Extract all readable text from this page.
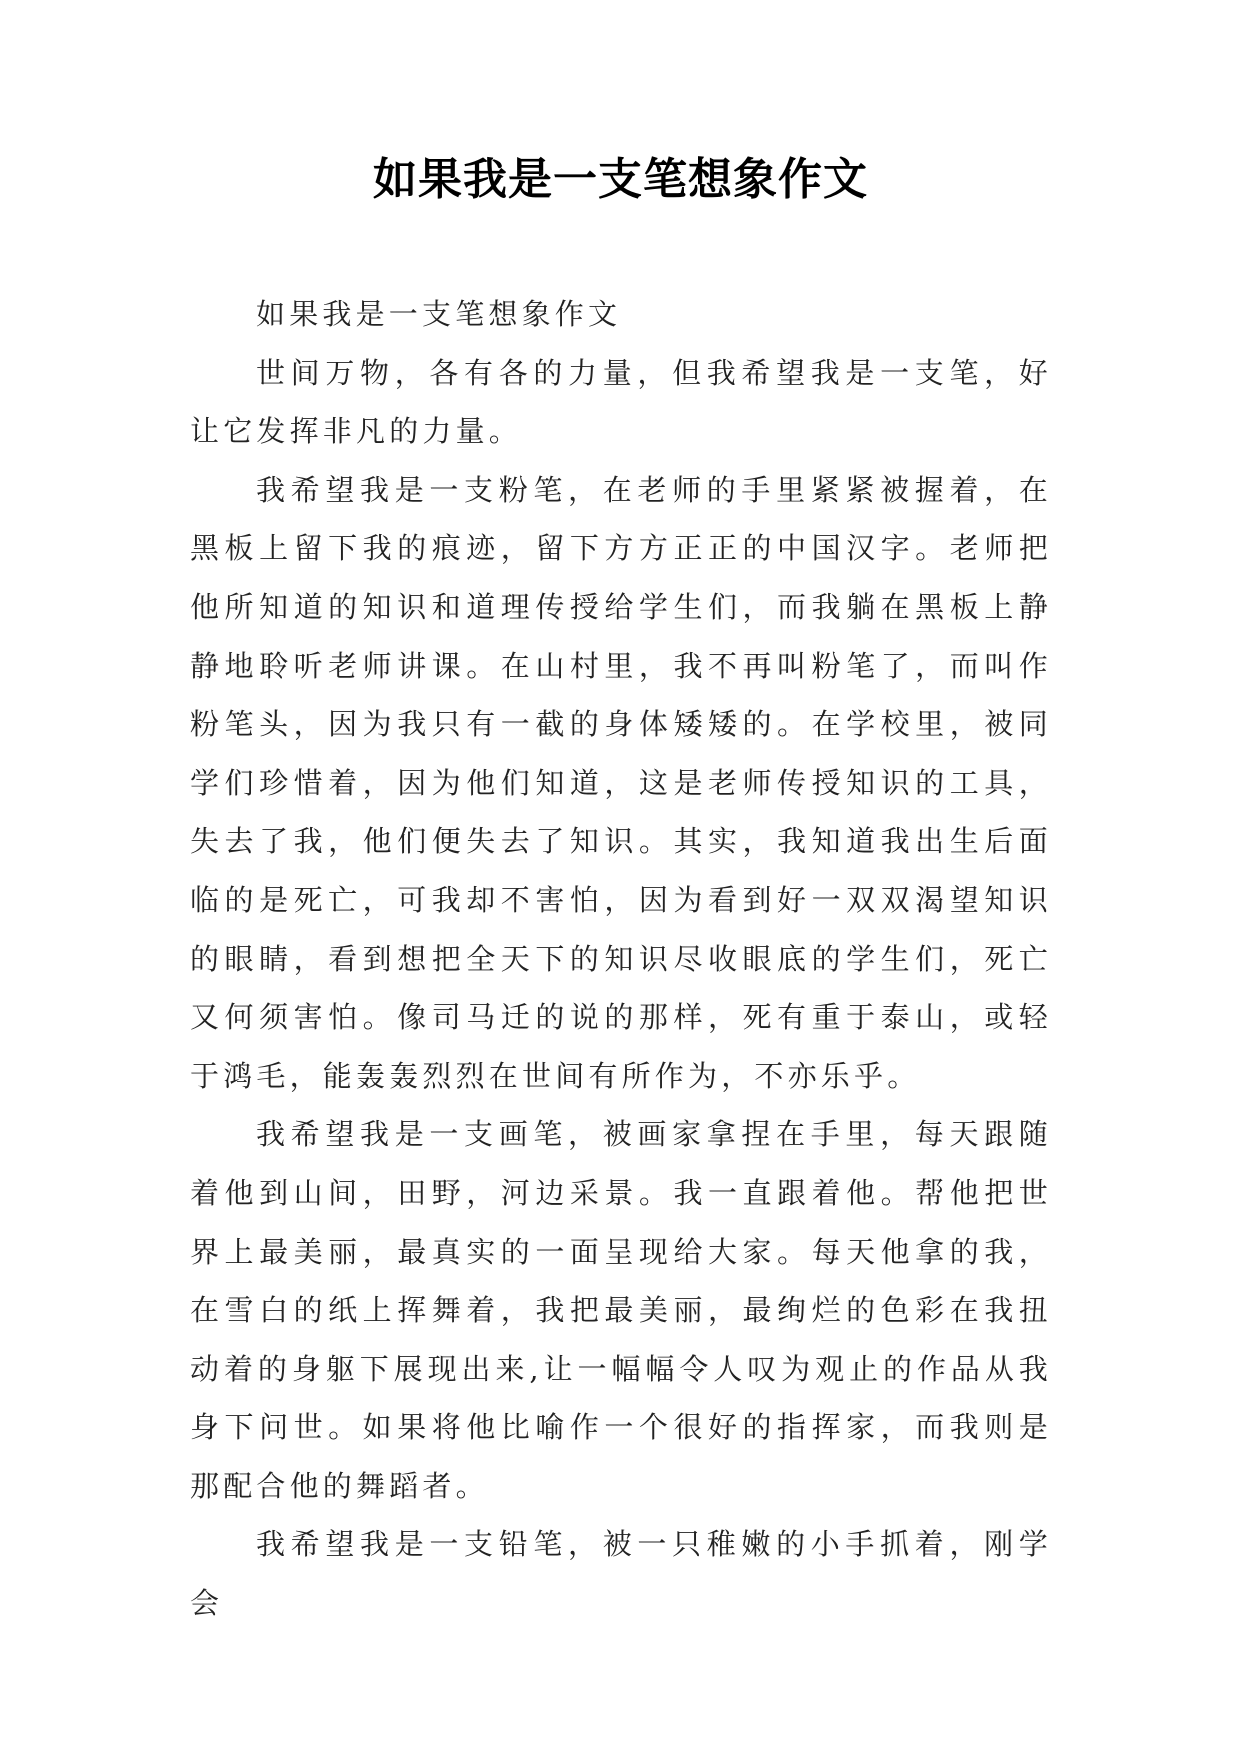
如果我是一支笔想象作文

如果我是一支笔想象作文

世间万物，各有各的力量，但我希望我是一支笔，好让它发挥非凡的力量。

我希望我是一支粉笔，在老师的手里紧紧被握着，在黑板上留下我的痕迹，留下方方正正的中国汉字。老师把他所知道的知识和道理传授给学生们，而我躺在黑板上静静地聆听老师讲课。在山村里，我不再叫粉笔了，而叫作粉笔头，因为我只有一截的身体矮矮的。在学校里，被同学们珍惜着，因为他们知道，这是老师传授知识的工具，失去了我，他们便失去了知识。其实，我知道我出生后面临的是死亡，可我却不害怕，因为看到好一双双渴望知识的眼睛，看到想把全天下的知识尽收眼底的学生们，死亡又何须害怕。像司马迁的说的那样，死有重于泰山，或轻于鸿毛，能轰轰烈烈在世间有所作为，不亦乐乎。

我希望我是一支画笔，被画家拿捏在手里，每天跟随着他到山间，田野，河边采景。我一直跟着他。帮他把世界上最美丽，最真实的一面呈现给大家。每天他拿的我，在雪白的纸上挥舞着，我把最美丽，最绚烂的色彩在我扭动着的身躯下展现出来,让一幅幅令人叹为观止的作品从我身下问世。如果将他比喻作一个很好的指挥家，而我则是那配合他的舞蹈者。

我希望我是一支铅笔，被一只稚嫩的小手抓着，刚学会
